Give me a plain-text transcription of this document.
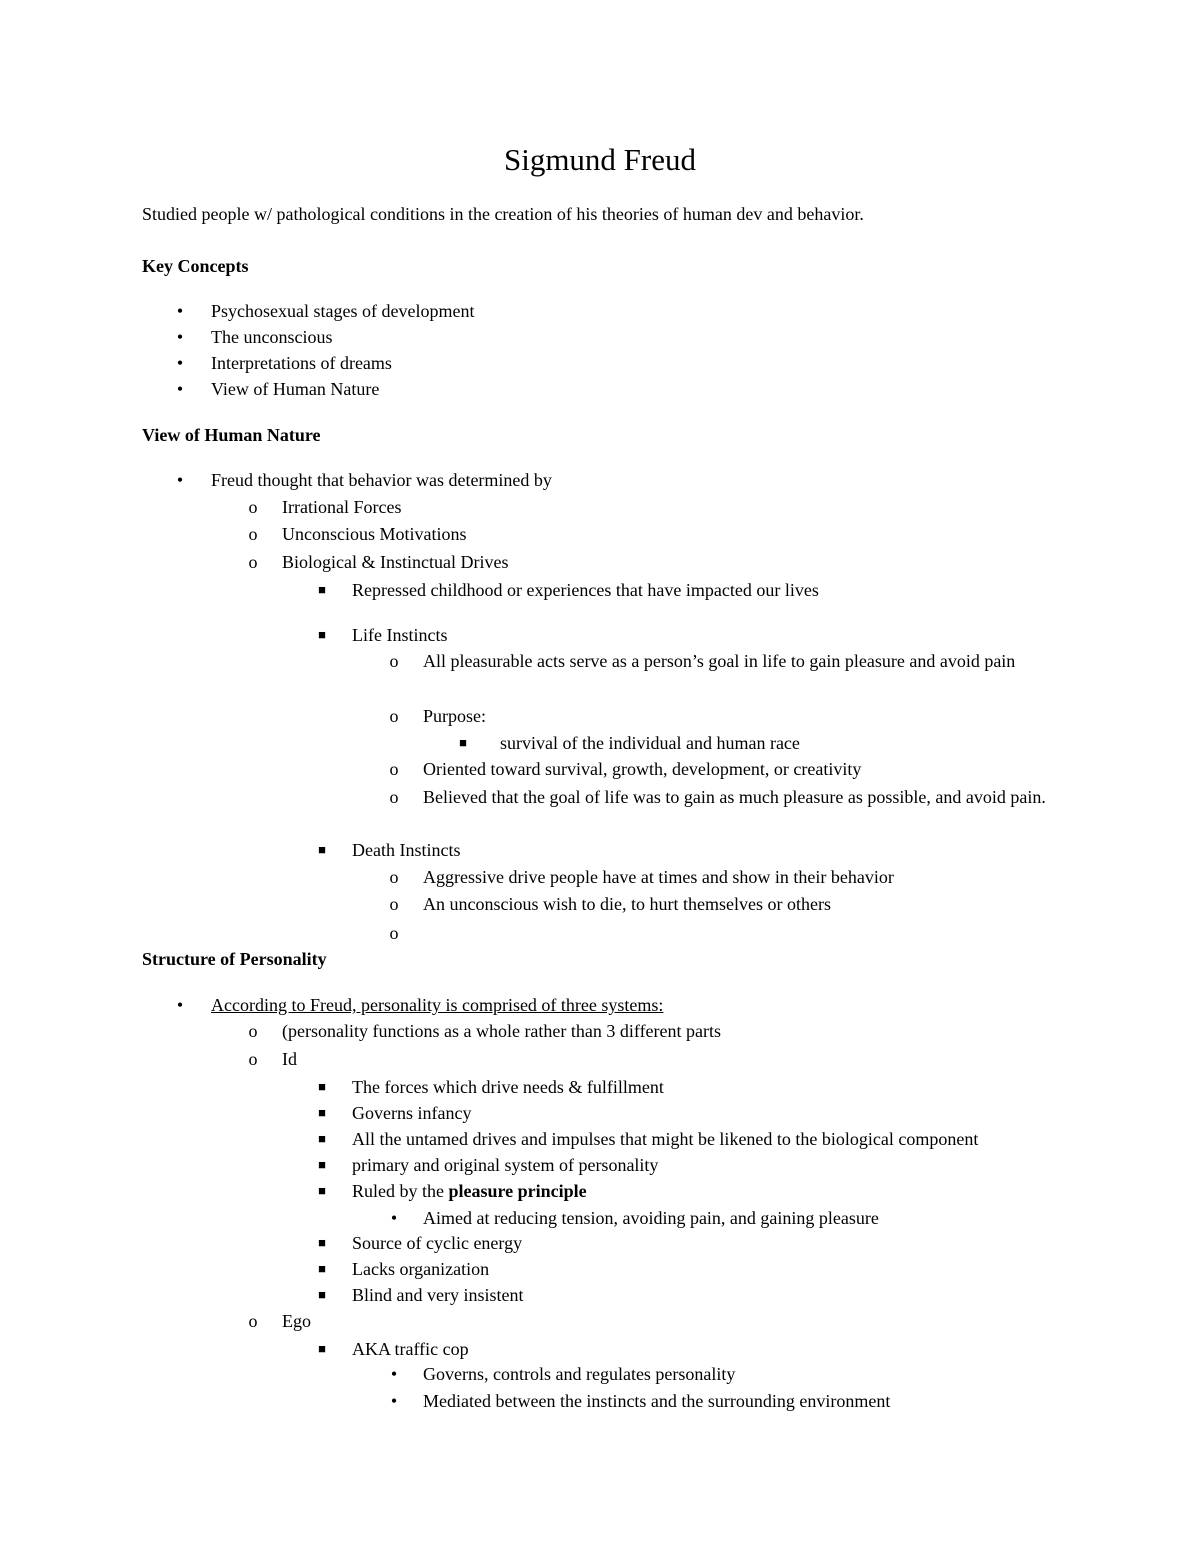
Sigmund Freud
Studied people w/ pathological conditions in the creation of his theories of human dev and behavior.
Key Concepts
•	Psychosexual stages of development
•	The unconscious
•	Interpretations of dreams
•	View of Human Nature
View of Human Nature
•	Freud thought that behavior was determined by
o	Irrational Forces
o	Unconscious Motivations
o	Biological & Instinctual Drives
■	Repressed childhood or experiences that have impacted our lives
■	Life Instincts
o	All pleasurable acts serve as a person’s goal in life to gain pleasure and avoid pain
o	Purpose:
■	survival of the individual and human race
o	Oriented toward survival, growth, development, or creativity
o	Believed that the goal of life was to gain as much pleasure as possible, and avoid pain.
■	Death Instincts
o	Aggressive drive people have at times and show in their behavior
o	An unconscious wish to die, to hurt themselves or others
o
Structure of Personality
•	According to Freud, personality is comprised of three systems:
o	(personality functions as a whole rather than 3 different parts
o	Id
■	The forces which drive needs & fulfillment
■	Governs infancy
■	All the untamed drives and impulses that might be likened to the biological component
■	primary and original system of personality
■	Ruled by the pleasure principle
•	Aimed at reducing tension, avoiding pain, and gaining pleasure
■	Source of cyclic energy
■	Lacks organization
■	Blind and very insistent
o	Ego
■	AKA traffic cop
•	Governs, controls and regulates personality
•	Mediated between the instincts and the surrounding environment
